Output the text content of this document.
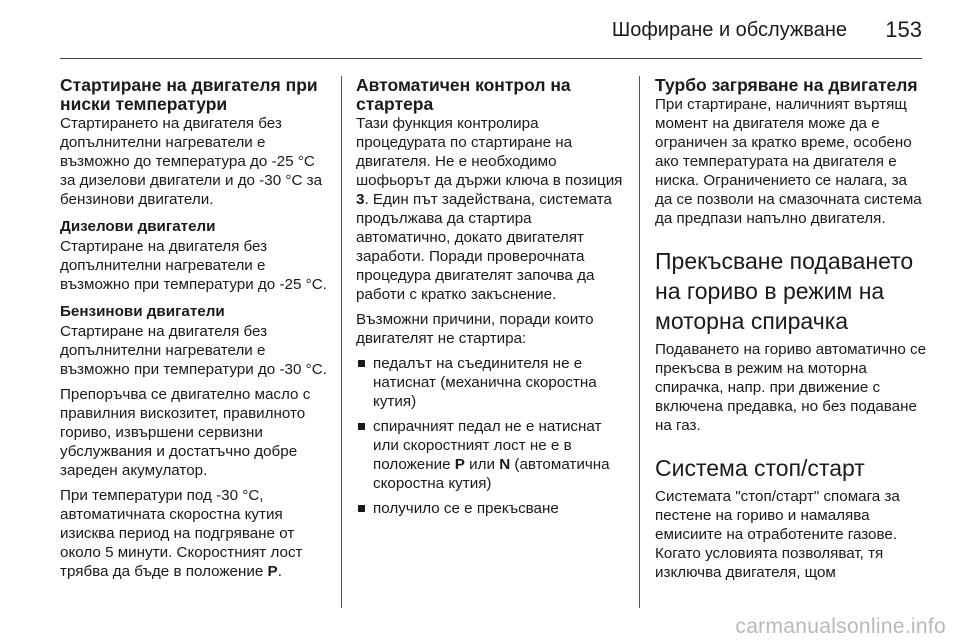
Шофиране и обслужване 153
Стартиране на двигателя при ниски температури

Стартирането на двигателя без допълнителни нагреватели е възможно до температура до -25 °C за дизелови двигатели и до -30 °C за бензинови двигатели.

Дизелови двигатели

Стартиране на двигателя без допълнителни нагреватели е възможно при температури до -25 °C.

Бензинови двигатели

Стартиране на двигателя без допълнителни нагреватели е възможно при температури до -30 °C.

Препоръчва се двигателно масло с правилния вискозитет, правилното гориво, извършени сервизни убслужвания и достатъчно добре зареден акумулатор.

При температури под -30 °C, автоматичната скоростна кутия изисква период на подгряване от около 5 минути. Скоростният лост трябва да бъде в положение P.

Автоматичен контрол на стартера

Тази функция контролира процедурата по стартиране на двигателя. Не е необходимо шофьорът да държи ключа в позиция 3. Един път задействана, системата продължава да стартира автоматично, докато двигателят заработи. Поради проверочната процедура двигателят започва да работи с кратко закъснение.

Възможни причини, поради които двигателят не стартира:

педалът на съединителя не е натиснат (механична скоростна кутия)
спирачният педал не е натиснат или скоростният лост не е в положение P или N (автоматична скоростна кутия)
получило се е прекъсване
Турбо загряване на двигателя

При стартиране, наличният въртящ момент на двигателя може да е ограничен за кратко време, особено ако температурата на двигателя е ниска. Ограничението се налага, за да се позволи на смазочната система да предпази напълно двигателя.

Прекъсване подаването на гориво в режим на моторна спирачка

Подаването на гориво автоматично се прекъсва в режим на моторна спирачка, напр. при движение с включена предавка, но без подаване на газ.

Система стоп/старт

Системата "стоп/старт" спомага за пестене на гориво и намалява емисиите на отработените газове. Когато условията позволяват, тя изключва двигателя, щом

carmanualsonline.info
